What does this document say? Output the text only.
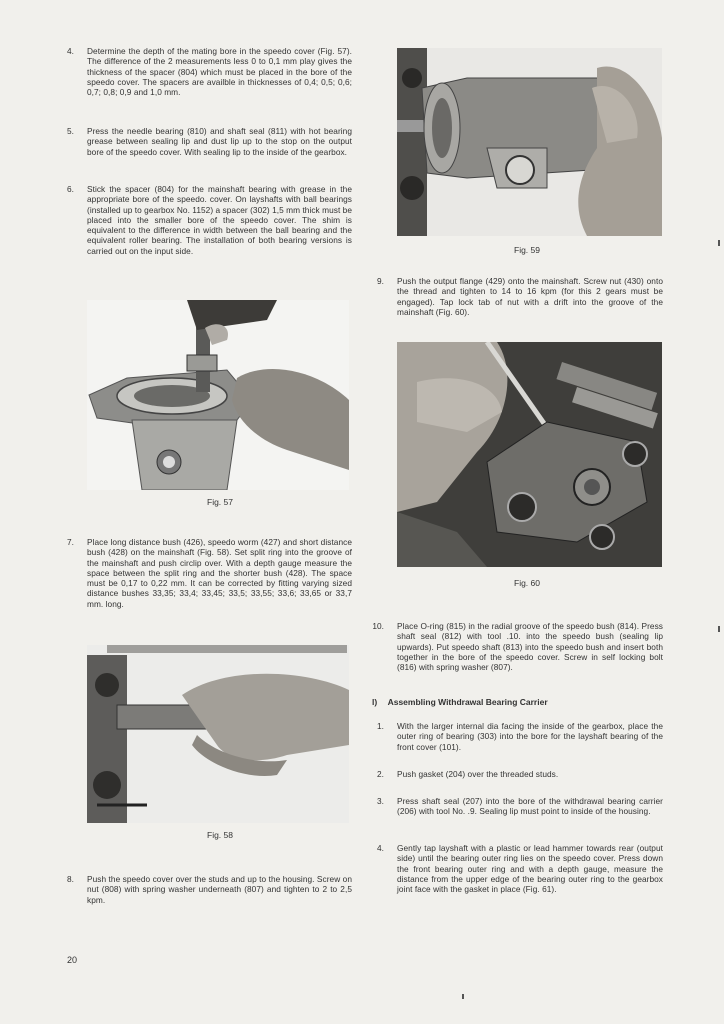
4. Determine the depth of the mating bore in the speedo cover (Fig. 57). The difference of the 2 measurements less 0 to 0,1 mm play gives the thickness of the spacer (804) which must be placed in the bore of the speedo cover. The spacers are availble in thicknesses of 0,4; 0,5; 0,6; 0,7; 0,8; 0,9 and 1,0 mm.
5. Press the needle bearing (810) and shaft seal (811) with hot bearing grease between sealing lip and dust lip up to the stop on the output bore of the speedo cover. With sealing lip to the inside of the gearbox.
6. Stick the spacer (804) for the mainshaft bearing with grease in the appropriate bore of the speedo. cover. On layshafts with ball bearings (installed up to gearbox No. 1152) a spacer (302) 1,5 mm thick must be placed into the smaller bore of the speedo cover. The shim is equivalent to the difference in width between the ball bearing and the equivalent roller bearing. The installation of both bearing versions is carried out on the input side.
Fig. 57
7. Place long distance bush (426), speedo worm (427) and short distance bush (428) on the mainshaft (Fig. 58). Set split ring into the groove of the mainshaft and push circlip over. With a depth gauge measure the space between the split ring and the shorter bush (428). The space must be 0,17 to 0,22 mm. It can be corrected by fitting varying sized distance bushes 33,35; 33,4; 33,45; 33,5; 33,55; 33,6; 33,65 or 33,7 mm. long.
Fig. 58
8. Push the speedo cover over the studs and up to the housing. Screw on nut (808) with spring washer underneath (807) and tighten to 2 to 2,5 kpm.
20
Fig. 59
9. Push the output flange (429) onto the mainshaft. Screw nut (430) onto the thread and tighten to 14 to 16 kpm (for this 2 gears must be engaged). Tap lock tab of nut with a drift into the groove of the mainshaft (Fig. 60).
Fig. 60
10. Place O-ring (815) in the radial groove of the speedo bush (814). Press shaft seal (812) with tool .10. into the speedo bush (sealing lip upwards). Put speedo shaft (813) into the speedo bush and insert both together in the bore of the speedo cover. Screw in self locking bolt (816) with spring washer (807).
l) Assembling Withdrawal Bearing Carrier
1. With the larger internal dia facing the inside of the gearbox, place the outer ring of bearing (303) into the bore for the layshaft bearing of the front cover (101).
2. Push gasket (204) over the threaded studs.
3. Press shaft seal (207) into the bore of the withdrawal bearing carrier (206) with tool No. .9. Sealing lip must point to inside of the housing.
4. Gently tap layshaft with a plastic or lead hammer towards rear (output side) until the bearing outer ring lies on the speedo cover. Press down the front bearing outer ring and with a depth gauge, measure the distance from the upper edge of the bearing outer ring to the gearbox joint face with the gasket in place (Fig. 61).
